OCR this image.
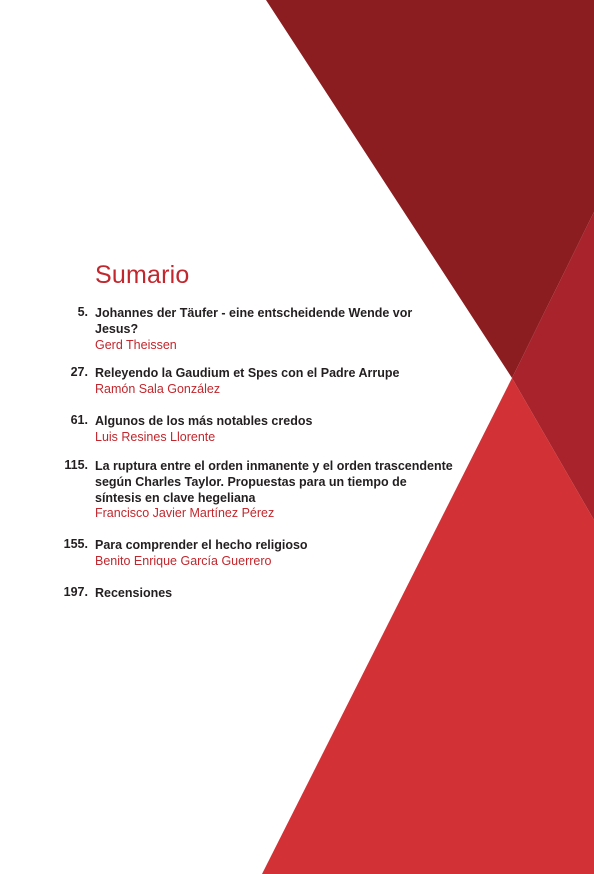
Sumario
5. Johannes der Täufer - eine entscheidende Wende vor
Jesus?
Gerd Theissen
27. Releyendo la Gaudium et Spes con el Padre Arrupe
Ramón Sala González
61. Algunos de los más notables credos
Luis Resines Llorente
115. La ruptura entre el orden inmanente y el orden trascendente
según Charles Taylor. Propuestas para un tiempo de
síntesis en clave hegeliana
Francisco Javier Martínez Pérez
155. Para comprender el hecho religioso
Benito Enrique García Guerrero
197. Recensiones
